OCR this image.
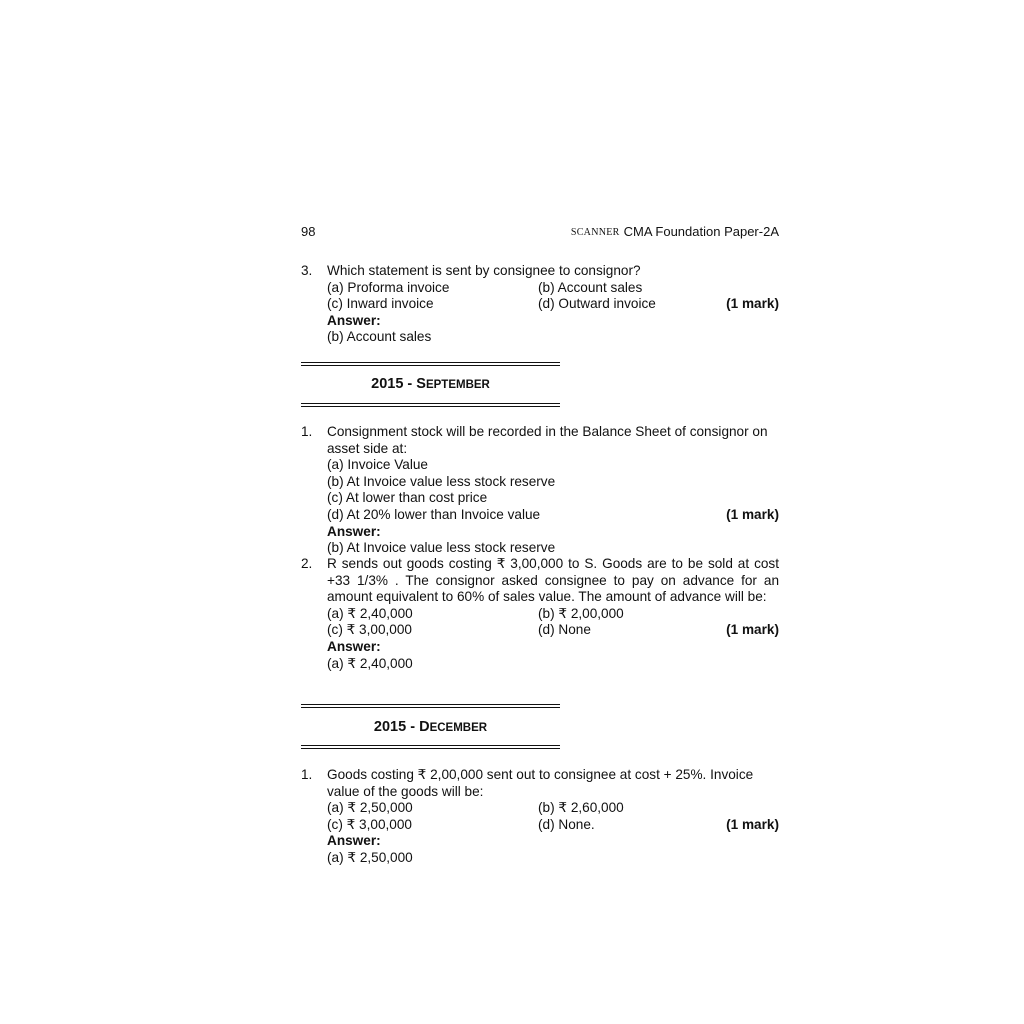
98	SCANNER CMA Foundation Paper-2A
3. Which statement is sent by consignee to consignor?
(a) Proforma invoice	(b) Account sales
(c) Inward invoice	(d) Outward invoice	(1 mark)
Answer:
(b) Account sales
2015 - SEPTEMBER
1. Consignment stock will be recorded in the Balance Sheet of consignor on asset side at:
(a) Invoice Value
(b) At Invoice value less stock reserve
(c) At lower than cost price
(d) At 20% lower than Invoice value	(1 mark)
Answer:
(b) At Invoice value less stock reserve
2. R sends out goods costing ₹ 3,00,000 to S. Goods are to be sold at cost +33 1/3% . The consignor asked consignee to pay on advance for an amount equivalent to 60% of sales value. The amount of advance will be:
(a) ₹ 2,40,000	(b) ₹ 2,00,000
(c) ₹ 3,00,000	(d) None	(1 mark)
Answer:
(a) ₹ 2,40,000
2015 - DECEMBER
1. Goods costing ₹ 2,00,000 sent out to consignee at cost + 25%. Invoice value of the goods will be:
(a) ₹ 2,50,000	(b) ₹ 2,60,000
(c) ₹ 3,00,000	(d) None.	(1 mark)
Answer:
(a) ₹ 2,50,000
